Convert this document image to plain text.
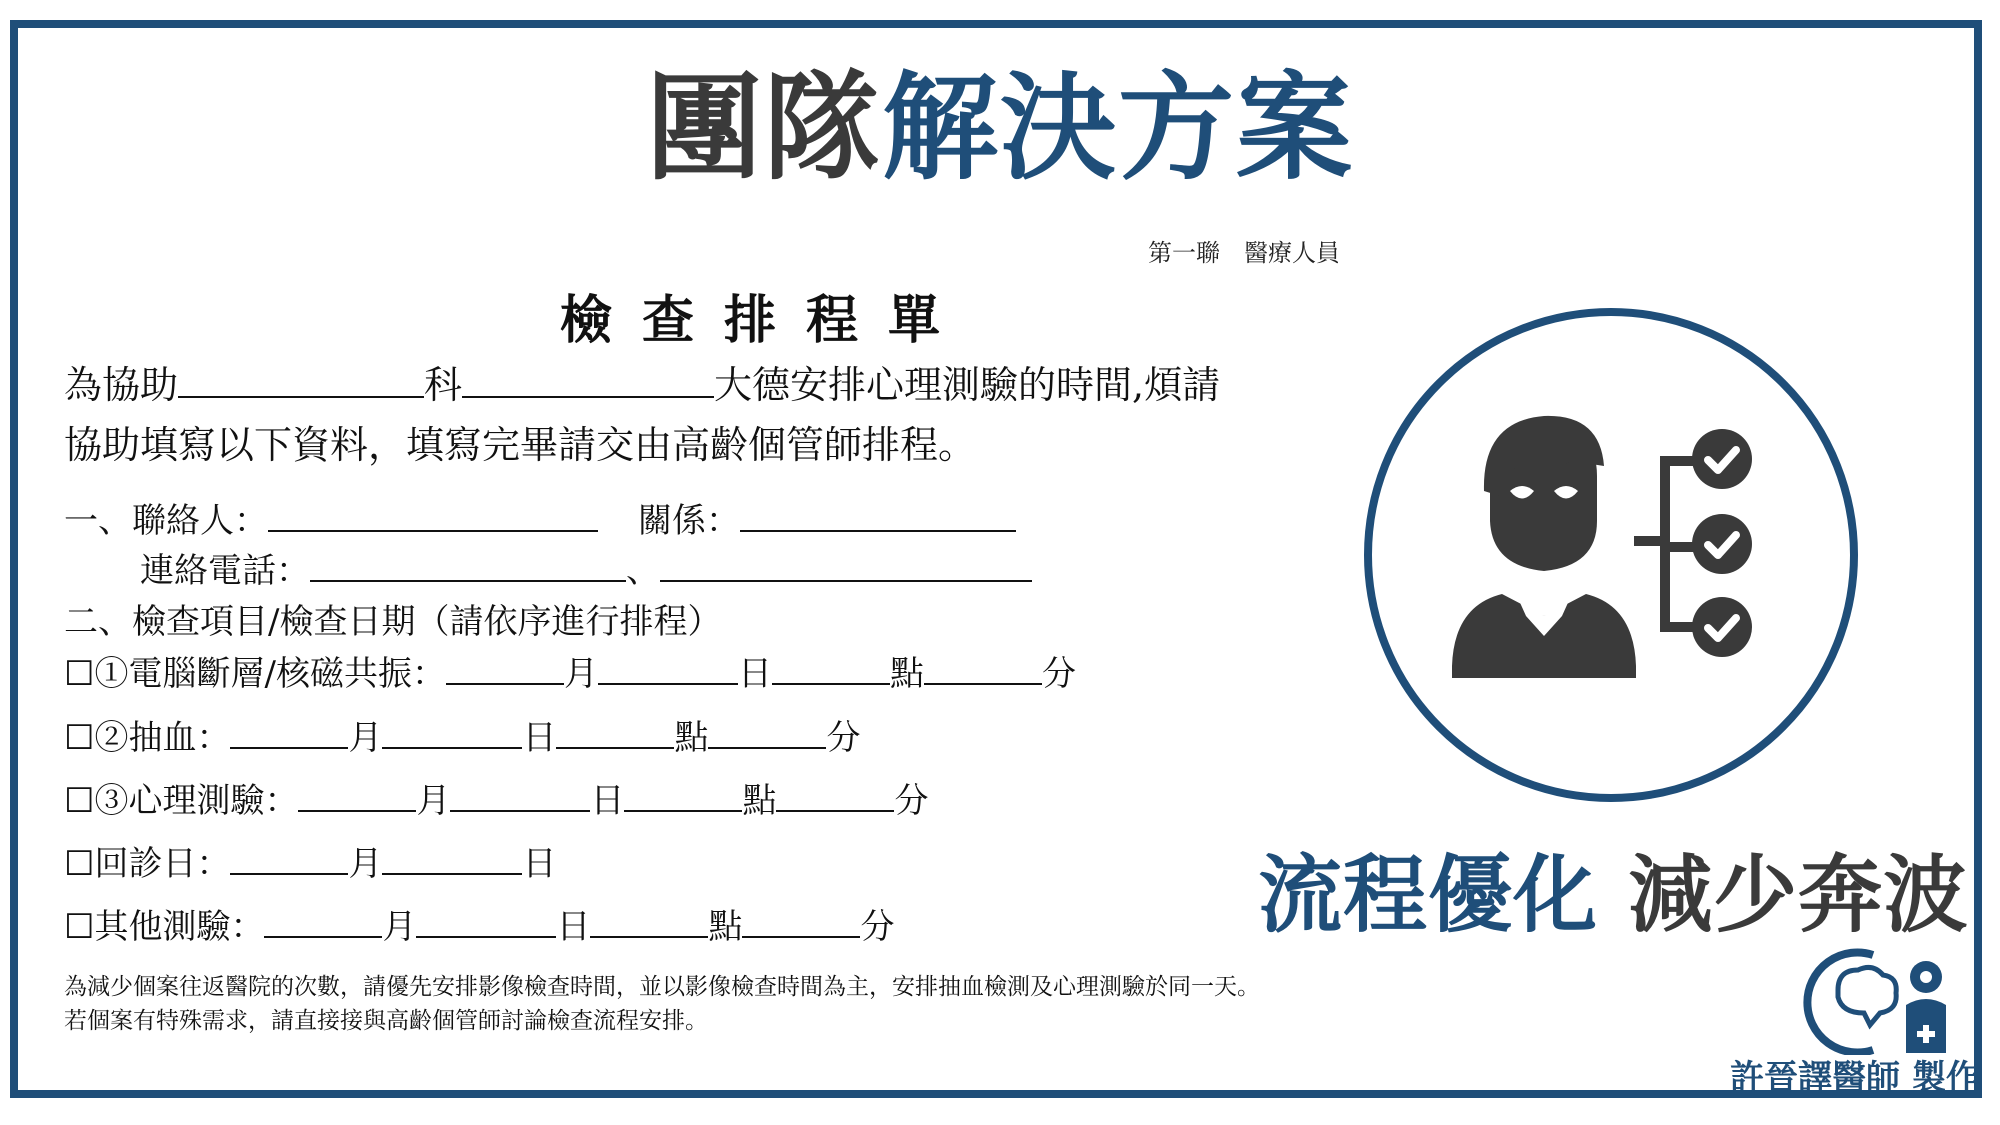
團隊解決方案
第一聯　醫療人員
檢查排程單
為協助	科	大德安排心理測驗的時間,煩請
協助填寫以下資料，填寫完畢請交由高齡個管師排程。
一、聯絡人：	關係：
連絡電話：	、
二、檢查項目/檢查日期（請依序進行排程）
☐①電腦斷層/核磁共振：	月	日	點	分
☐②抽血：	月	日	點	分
☐③心理測驗：	月	日	點	分
☐回診日：	月	日
☐其他測驗：	月	日	點	分
為減少個案往返醫院的次數，請優先安排影像檢查時間，並以影像檢查時間為主，安排抽血檢測及心理測驗於同一天。
若個案有特殊需求，請直接接與高齡個管師討論檢查流程安排。
流程優化 減少奔波
許晉譯醫師 製作
